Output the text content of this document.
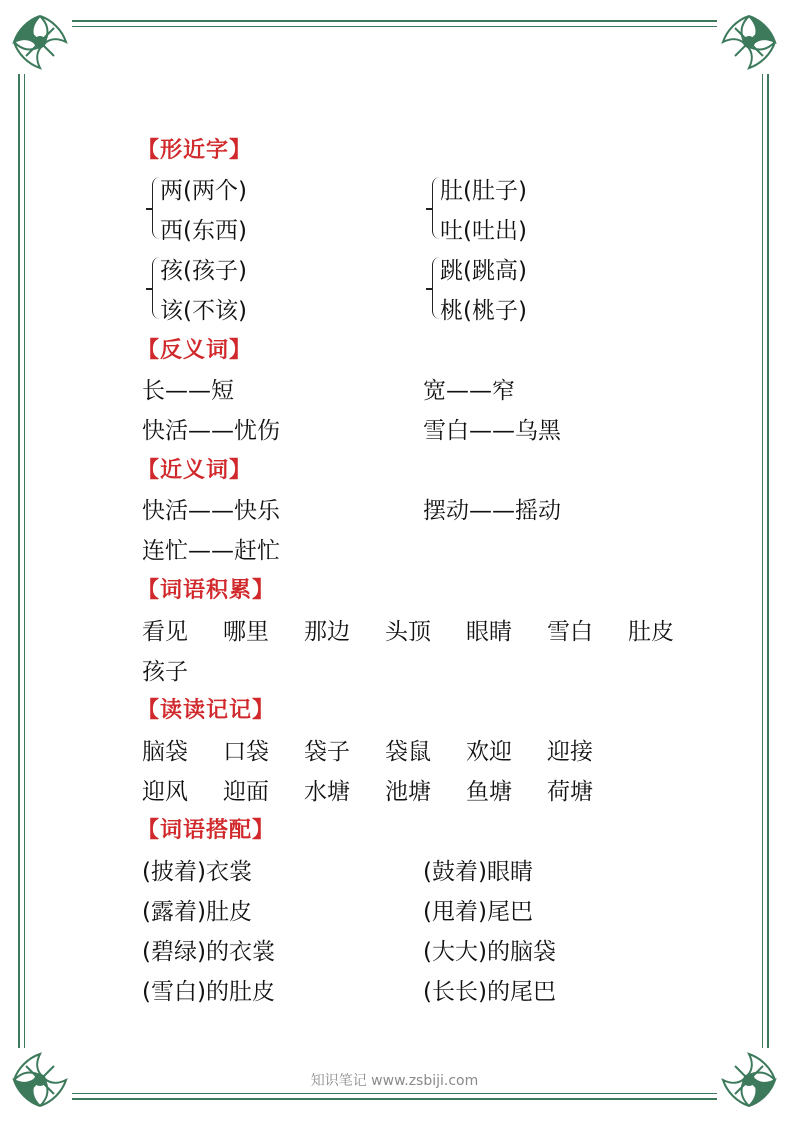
【形近字】
两(两个)
西(东西)
肚(肚子)
吐(吐出)
孩(孩子)
该(不该)
跳(跳高)
桃(桃子)
【反义词】
长——短	宽——窄
快活——忧伤	雪白——乌黑
【近义词】
快活——快乐	摆动——摇动
连忙——赶忙
【词语积累】
看见 哪里 那边 头顶 眼睛 雪白 肚皮
孩子
【读读记记】
脑袋 口袋 袋子 袋鼠 欢迎 迎接
迎风 迎面 水塘 池塘 鱼塘 荷塘
【词语搭配】
(披着)衣裳	(鼓着)眼睛
(露着)肚皮	(甩着)尾巴
(碧绿)的衣裳	(大大)的脑袋
(雪白)的肚皮	(长长)的尾巴
知识笔记 www.zsbiji.com
